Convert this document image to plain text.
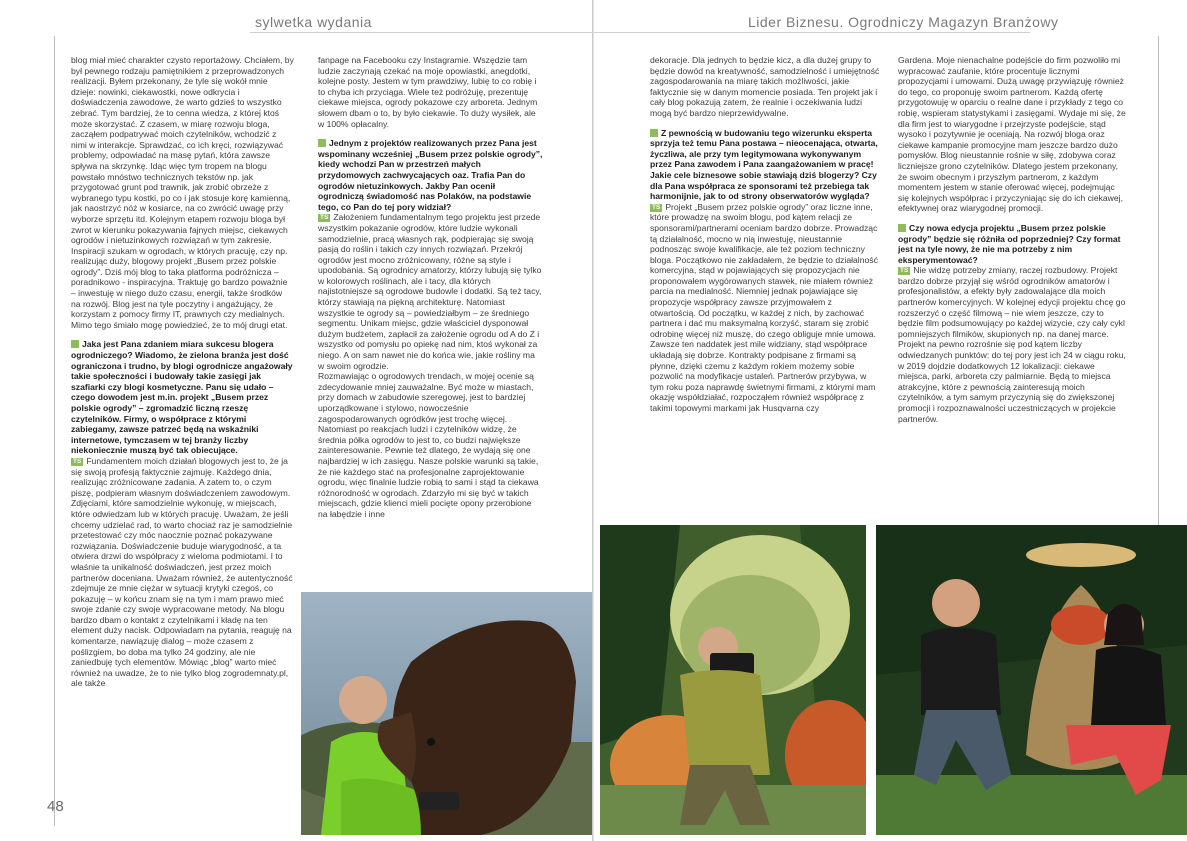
sylwetka wydania

blog miał mieć charakter czysto reportażowy. Chciałem, by był pewnego rodzaju pamiętnikiem z przeprowadzonych realizacji. Byłem przekonany, że tyle się wokół mnie dzieje: nowinki, ciekawostki, nowe odkrycia i doświadczenia zawodowe, że warto gdzieś to wszystko zebrać. Tym bardziej, że to cenna wiedza, z której ktoś może skorzystać. Z czasem, w miarę rozwoju bloga, zacząłem podpatrywać moich czytelników, wchodzić z nimi w interakcje. Sprawdzać, co ich kręci, rozwiązywać problemy, odpowiadać na masę pytań, która zawsze spływa na skrzynkę. Idąc więc tym tropem na blogu powstało mnóstwo technicznych tekstów np. jak przygotować grunt pod trawnik, jak zrobić obrzeże z wybranego typu kostki, po co i jak stosuje korę kamienną, jak naostrzyć nóż w kosiarce, na co zwrócić uwagę przy wyborze sprzętu itd. Kolejnym etapem rozwoju bloga był zwrot w kierunku pokazywania fajnych miejsc, ciekawych ogrodów i nietuzinkowych rozwiązań w tym zakresie. Inspiracji szukam w ogrodach, w których pracuję, czy np. realizując duży, blogowy projekt „Busem przez polskie ogrody”. Dziś mój blog to taka platforma podróżnicza – poradnikowo - inspiracyjna. Traktuję go bardzo poważnie – inwestuję w niego dużo czasu, energii, także środków na rozwój. Blog jest na tyle poczytny i angażujący, że korzystam z pomocy firmy IT, prawnych czy medialnych. Mimo tego śmiało mogę powiedzieć, że to mój drugi etat.

Jaka jest Pana zdaniem miara sukcesu blogera ogrodniczego? Wiadomo, że zielona branża jest dość ograniczona i trudno, by blogi ogrodnicze angażowały takie społeczności i budowały takie zasięgi jak szafiarki czy blogi kosmetyczne. Panu się udało – czego dowodem jest m.in. projekt „Busem przez polskie ogrody” – zgromadzić liczną rzeszę czytelników. Firmy, o współprace z którymi zabiegamy, zawsze patrzeć będą na wskaźniki internetowe, tymczasem w tej branży liczby niekoniecznie muszą być tak obiecujące.

TS Fundamentem moich działań blogowych jest to, że ja się swoją profesją faktycznie zajmuję. Każdego dnia, realizując zróżnicowane zadania. A zatem to, o czym piszę, podpieram własnym doświadczeniem zawodowym. Zdjęciami, które samodzielnie wykonuję, w miejscach, które odwiedzam lub w których pracuję. Uważam, że jeśli chcemy udzielać rad, to warto chociaż raz je samodzielnie przetestować czy móc naocznie poznać pokazywane rozwiązania. Doświadczenie buduje wiarygodność, a ta otwiera drzwi do współpracy z wieloma podmiotami. I to właśnie ta unikalność doświadczeń, jest przez moich partnerów doceniana. Uważam również, że autentyczność zdejmuje ze mnie ciężar w sytuacji krytyki czegoś, co pokazuję – w końcu znam się na tym i mam prawo mieć swoje zdanie czy swoje wypracowane metody. Na blogu bardzo dbam o kontakt z czytelnikami i kładę na ten element duży nacisk. Odpowiadam na pytania, reaguję na komentarze, nawiązuję dialog – może czasem z poślizgiem, bo doba ma tylko 24 godziny, ale nie zaniedbuję tych elementów. Mówiąc „blog” warto mieć również na uwadze, że to nie tylko blog zogrodemnaty.pl, ale także

fanpage na Facebooku czy Instagramie. Wszędzie tam ludzie zaczynają czekać na moje opowiastki, anegdotki, kolejne posty. Jestem w tym prawdziwy, lubię to co robię i to chyba ich przyciąga. Wiele też podróżuję, prezentuję ciekawe miejsca, ogrody pokazowe czy arboreta. Jednym słowem dbam o to, by było ciekawie. To duży wysiłek, ale w 100% opłacalny.

Jednym z projektów realizowanych przez Pana jest wspominany wcześniej „Busem przez polskie ogrody”, kiedy wchodzi Pan w przestrzeń małych przydomowych zachwycających oaz. Trafia Pan do ogrodów nietuzinkowych. Jakby Pan ocenił ogrodniczą świadomość nas Polaków, na podstawie tego, co Pan do tej pory widział?

TS Założeniem fundamentalnym tego projektu jest przede wszystkim pokazanie ogrodów, które ludzie wykonali samodzielnie, pracą własnych rąk, podpierając się swoją pasją do roślin i takich czy innych rozwiązań. Przekrój ogrodów jest mocno zróżnicowany, różne są style i upodobania. Są ogrodnicy amatorzy, którzy lubują się tylko w kolorowych roślinach, ale i tacy, dla których najistotniejsze są ogrodowe budowle i dodatki. Są też tacy, którzy stawiają na piękną architekturę. Natomiast wszystkie te ogrody są – powiedziałbym – ze średniego segmentu. Unikam miejsc, gdzie właściciel dysponował dużym budżetem, zapłacił za założenie ogrodu od A do Z i wszystko od pomysłu po opiekę nad nim, ktoś wykonał za niego. A on sam nawet nie do końca wie, jakie rośliny ma w swoim ogrodzie.

Rozmawiając o ogrodowych trendach, w mojej ocenie są zdecydowanie mniej zauważalne. Być może w miastach, przy domach w zabudowie szeregowej, jest to bardziej uporządkowane i stylowo, nowocześnie zagospodarowanych ogródków jest trochę więcej. Natomiast po reakcjach ludzi i czytelników widzę, że średnia półka ogrodów to jest to, co budzi największe zainteresowanie. Pewnie też dlatego, że wydają się one najbardziej w ich zasięgu. Nasze polskie warunki są takie, że nie każdego stać na profesjonalne zaprojektowanie ogrodu, więc finalnie ludzie robią to sami i stąd ta ciekawa różnorodność w ogrodach. Zdarzyło mi się być w takich miejscach, gdzie klienci mieli pocięte opony przerobione na łabędzie i inne

48
Lider Biznesu. Ogrodniczy Magazyn Branżowy

dekoracje. Dla jednych to będzie kicz, a dla dużej grupy to będzie dowód na kreatywność, samodzielność i umiejętność zagospodarowania na miarę takich możliwości, jakie faktycznie się w danym momencie posiada. Ten projekt jak i cały blog pokazują zatem, że realnie i oczekiwania ludzi mogą być bardzo nieprzewidywalne.

Z pewnością w budowaniu tego wizerunku eksperta sprzyja też temu Pana postawa – nieocenająca, otwarta, życzliwa, ale przy tym legitymowana wykonywanym przez Pana zawodem i Pana zaangażowaniem w pracę! Jakie cele biznesowe sobie stawiają dziś blogerzy? Czy dla Pana współpraca ze sponsorami też przebiega tak harmonijnie, jak to od strony obserwatorów wygląda?

TS Projekt „Busem przez polskie ogrody” oraz liczne inne, które prowadzę na swoim blogu, pod kątem relacji ze sponsorami/partnerami oceniam bardzo dobrze. Prowadząc tą działalność, mocno w nią inwestuję, nieustannie podnosząc swoje kwalifikacje, ale też poziom techniczny bloga. Początkowo nie zakładałem, że będzie to działalność komercyjna, stąd w pojawiających się propozycjach nie proponowałem wygórowanych stawek, nie miałem również parcia na medialność. Niemniej jednak pojawiające się propozycje współpracy zawsze przyjmowałem z otwartością. Od początku, w każdej z nich, by zachować partnera i dać mu maksymalną korzyść, staram się zrobić odrobinę więcej niż muszę, do czego obliguje mnie umowa. Zawsze ten naddatek jest mile widziany, stąd współprace układają się dobrze. Kontrakty podpisane z firmami są płynne, dzięki czemu z każdym rokiem możemy sobie pozwolić na modyfikacje ustaleń. Partnerów przybywa, w tym roku poza naprawdę świetnymi firmami, z którymi mam okazję współdziałać, rozpocząłem również współpracę z takimi topowymi markami jak Husqvarna czy

Gardena. Moje nienachalne podejście do firm pozwoliło mi wypracować zaufanie, które procentuje licznymi propozycjami i umowami. Dużą uwagę przywiązuję również do tego, co proponuję swoim partnerom. Każdą ofertę przygotowuję w oparciu o realne dane i przykłady z tego co robię, wspieram statystykami i zasięgami. Wydaje mi się, że dla firm jest to wiarygodne i przejrzyste podejście, stąd wysoko i pozytywnie je oceniają. Na rozwój bloga oraz ciekawe kampanie promocyjne mam jeszcze bardzo dużo pomysłów. Blog nieustannie rośnie w siłę, zdobywa coraz liczniejsze grono czytelników. Dlatego jestem przekonany, że swoim obecnym i przyszłym partnerom, z każdym momentem jestem w stanie oferować więcej, podejmując się kolejnych współprac i przyczyniając się do ich ciekawej, efektywnej oraz wiarygodnej promocji.

Czy nowa edycja projektu „Busem przez polskie ogrody” będzie się różniła od poprzedniej? Czy format jest na tyle nowy, że nie ma potrzeby z nim eksperymentować?

TS Nie widzę potrzeby zmiany, raczej rozbudowy. Projekt bardzo dobrze przyjął się wśród ogrodników amatorów i profesjonalistów, a efekty były zadowalające dla moich partnerów komercyjnych. W kolejnej edycji projektu chcę go rozszerzyć o część filmową – nie wiem jeszcze, czy to będzie film podsumowujący po każdej wizycie, czy cały cykl pomniejszych filmików, skupionych np. na danej marce. Projekt na pewno rozrośnie się pod kątem liczby odwiedzanych punktów: do tej pory jest ich 24 w ciągu roku, w 2019 dojdzie dodatkowych 12 lokalizacji: ciekawe miejsca, parki, arboreta czy palmiarnie. Będą to miejsca atrakcyjne, które z pewnością zainteresują moich czytelników, a tym samym przyczynią się do zwiększonej promocji i rozpoznawalności uczestniczących w projekcie partnerów.
